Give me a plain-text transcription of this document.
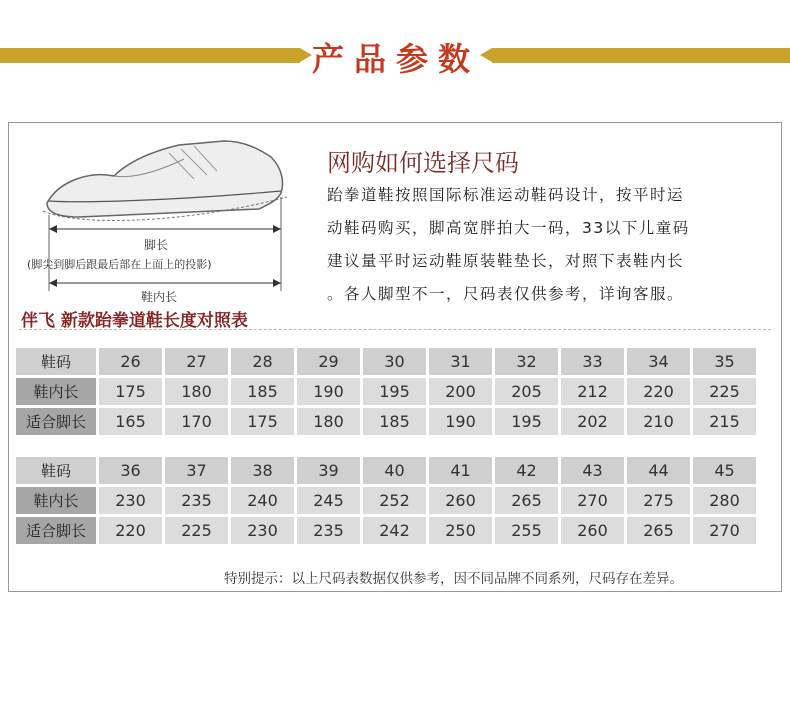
产品参数
脚长
(脚尖到脚后跟最后部在上面上的投影)
鞋内长
网购如何选择尺码
跆拳道鞋按照国际标准运动鞋码设计，按平时运
动鞋码购买，脚高宽胖拍大一码，33以下儿童码
建议量平时运动鞋原装鞋垫长，对照下表鞋内长
。各人脚型不一，尺码表仅供参考，详询客服。
伴飞 新款跆拳道鞋长度对照表
鞋码	26	27	28	29	30	31	32	33	34	35
鞋内长	175	180	185	190	195	200	205	212	220	225
适合脚长	165	170	175	180	185	190	195	202	210	215
鞋码	36	37	38	39	40	41	42	43	44	45
鞋内长	230	235	240	245	252	260	265	270	275	280
适合脚长	220	225	230	235	242	250	255	260	265	270
特别提示：以上尺码表数据仅供参考，因不同品牌不同系列，尺码存在差异。
